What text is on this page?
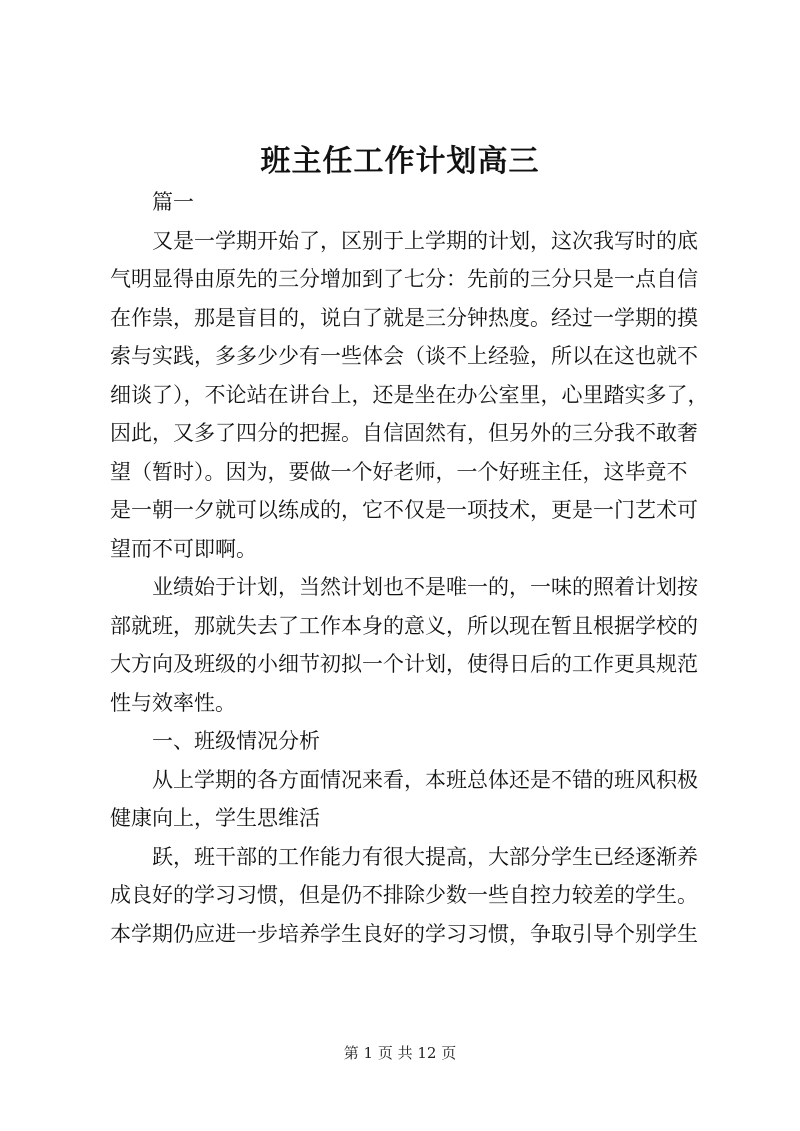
班主任工作计划高三
篇一
又是一学期开始了，区别于上学期的计划，这次我写时的底
气明显得由原先的三分增加到了七分：先前的三分只是一点自信
在作祟，那是盲目的，说白了就是三分钟热度。经过一学期的摸
索与实践，多多少少有一些体会（谈不上经验，所以在这也就不
细谈了），不论站在讲台上，还是坐在办公室里，心里踏实多了，
因此，又多了四分的把握。自信固然有，但另外的三分我不敢奢
望（暂时）。因为，要做一个好老师，一个好班主任，这毕竟不
是一朝一夕就可以练成的，它不仅是一项技术，更是一门艺术可
望而不可即啊。
业绩始于计划，当然计划也不是唯一的，一味的照着计划按
部就班，那就失去了工作本身的意义，所以现在暂且根据学校的
大方向及班级的小细节初拟一个计划，使得日后的工作更具规范
性与效率性。
一、班级情况分析
从上学期的各方面情况来看，本班总体还是不错的班风积极
健康向上，学生思维活
跃，班干部的工作能力有很大提高，大部分学生已经逐渐养
成良好的学习习惯，但是仍不排除少数一些自控力较差的学生。
本学期仍应进一步培养学生良好的学习习惯，争取引导个别学生
第 1 页 共 12 页
